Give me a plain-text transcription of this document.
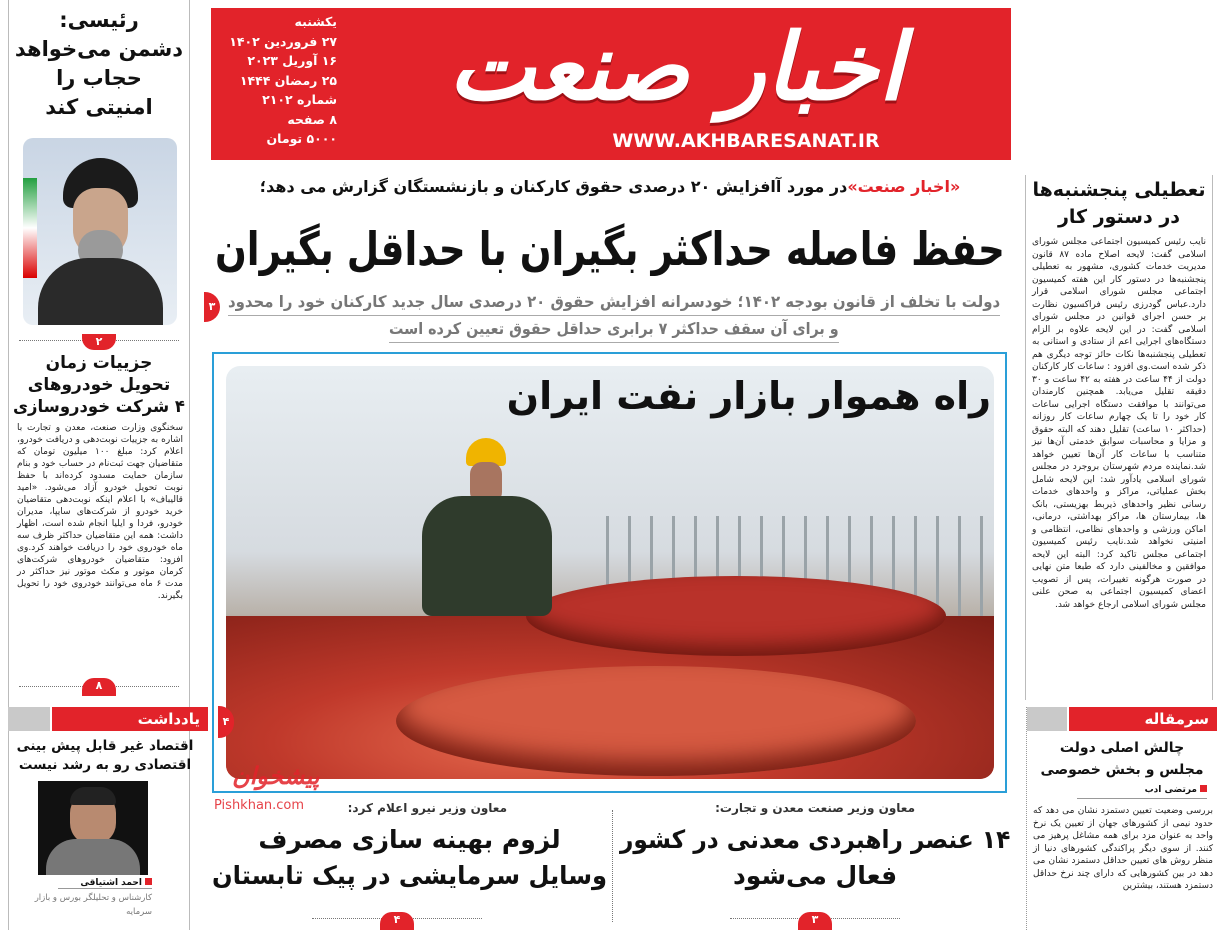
رئیسی:
دشمن می‌خواهد
حجاب را
امنیتی کند
۲
جزییات زمان
تحویل خودروهای
۴ شرکت خودروسازی
سخنگوی وزارت صنعت، معدن و تجارت با اشاره به جزییات نوبت‌دهی و دریافت خودرو، اعلام کرد: مبلغ ۱۰۰ میلیون تومان که متقاضیان جهت ثبت‌نام در حساب خود و بنام سازمان حمایت مسدود کرده‌اند با حفظ نوبت تحویل خودرو آزاد می‌شود. «امید قالیباف» با اعلام اینکه نوبت‌دهی متقاضیان خرید خودرو از شرکت‌های سایپا، مدیران خودرو، فردا و ایلیا انجام شده است، اظهار داشت: همه این متقاضیان حداکثر ظرف سه ماه خودروی خود را دریافت خواهند کرد.وی افزود: متقاضیان خودروهای شرکت‌های کرمان موتور و مکث موتور نیز حداکثر در مدت ۶ ماه می‌توانند خودروی خود را تحویل بگیرند.
۸
یادداشت
اقتصاد غیر قابل پیش بینی
اقتصادی رو به رشد نیست
احمد اشتیاقی
کارشناس و تحلیلگر بورس و بازار سرمایه
یکشنبه
۲۷ فروردین ۱۴۰۲
۱۶ آوریل ۲۰۲۳
۲۵ رمضان ۱۴۴۴
شماره ۲۱۰۲
۸ صفحه
۵۰۰۰ تومان
اخبار صنعت
WWW.AKHBARESANAT.IR
«اخبار صنعت»در مورد آافزایش ۲۰ درصدی حقوق کارکنان و بازنشستگان گزارش می دهد؛
حفظ فاصله حداکثر بگیران با حداقل بگیران
دولت با تخلف از قانون بودجه ۱۴۰۲؛ خودسرانه افزایش حقوق ۲۰ درصدی سال جدید کارکنان خود را محدود
و برای آن سقف حداکثر ۷ برابری حداقل حقوق تعیین کرده است
۳
راه هموار بازار نفت ایران
۴
معاون وزیر صنعت معدن و تجارت:
۱۴ عنصر راهبردی معدنی در کشور
فعال می‌شود
۳
معاون وزیر نیرو اعلام کرد:
لزوم بهینه سازی مصرف
وسایل سرمایشی در پیک تابستان
۴
پیشخوان
Pishkhan.com
تعطیلی پنجشنبه‌ها
در دستور کار
نایب رئیس کمیسیون اجتماعی مجلس شورای اسلامی گفت: لایحه اصلاح ماده ۸۷ قانون مدیریت خدمات کشوری، مشهور به تعطیلی پنجشنبه‌ها در دستور کار این هفته کمیسیون اجتماعی مجلس شورای اسلامی قرار دارد.عباس گودرزی رئیس فراکسیون نظارت بر حسن اجرای قوانین در مجلس شورای اسلامی گفت: در این لایحه علاوه بر الزام دستگاه‌های اجرایی اعم از ستادی و استانی به تعطیلی پنجشنبه‌ها نکات حائز توجه دیگری هم ذکر شده است.وی افزود : ساعات کار کارکنان دولت از ۴۴ ساعت در هفته به ۴۲ ساعت و ۳۰ دقیقه تقلیل می‌یابد. همچنین کارمندان می‌توانند با موافقت دستگاه اجرایی ساعات کار خود را تا یک چهارم ساعات کار روزانه (حداکثر ۱۰ ساعت) تقلیل دهند که البته حقوق و مزایا و محاسبات سوابق خدمتی آن‌ها نیز متناسب با ساعات کار آن‌ها تعیین خواهد شد.نماینده مردم شهرستان بروجرد در مجلس شورای اسلامی یادآور شد: این لایحه شامل بخش عملیاتی، مراکز و واحدهای خدمات رسانی نظیر واحدهای ذیربط بهزیستی، بانک ها، بیمارستان ها، مراکز بهداشتی، درمانی، اماکن ورزشی و واحدهای نظامی، انتظامی و امنیتی نخواهد شد.نایب رئیس کمیسیون اجتماعی مجلس تاکید کرد: البته این لایحه موافقین و مخالفینی دارد که طبعا متن نهایی در صورت هرگونه تغییرات، پس از تصویب اعضای کمیسیون اجتماعی به صحن علنی مجلس شورای اسلامی ارجاع خواهد شد.
سرمقاله
چالش اصلی دولت
مجلس و بخش خصوصی
مرتضی ادب
بررسی وضعیت تعیین دستمزد نشان می دهد که حدود نیمی از کشورهای جهان از تعیین یک نرخ واحد به عنوان مزد برای همه مشاغل پرهیز می کنند. از سوی دیگر پراکندگی کشورهای دنیا از منظر روش های تعیین حداقل دستمزد نشان می دهد در بین کشورهایی که دارای چند نرخ حداقل دستمزد هستند، بیشترین
